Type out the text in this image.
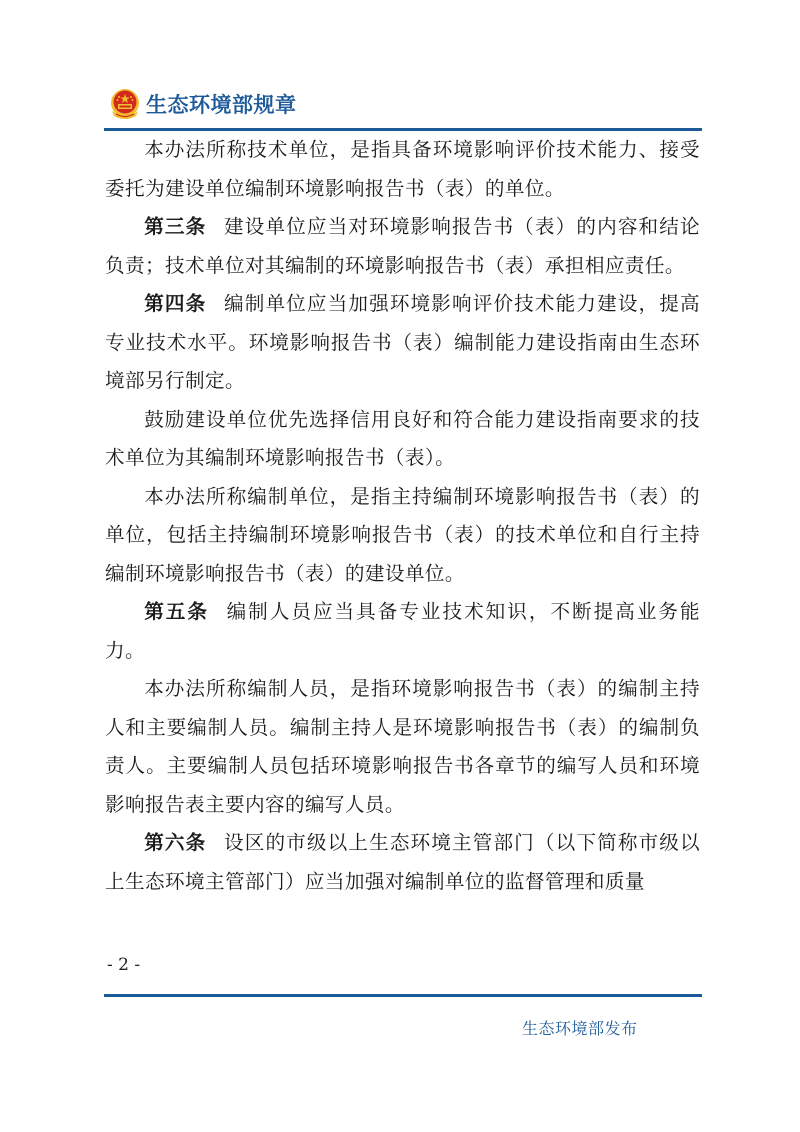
生态环境部规章

本办法所称技术单位，是指具备环境影响评价技术能力、接受委托为建设单位编制环境影响报告书（表）的单位。

第三条 建设单位应当对环境影响报告书（表）的内容和结论负责；技术单位对其编制的环境影响报告书（表）承担相应责任。

第四条 编制单位应当加强环境影响评价技术能力建设，提高专业技术水平。环境影响报告书（表）编制能力建设指南由生态环境部另行制定。

鼓励建设单位优先选择信用良好和符合能力建设指南要求的技术单位为其编制环境影响报告书（表）。

本办法所称编制单位，是指主持编制环境影响报告书（表）的单位，包括主持编制环境影响报告书（表）的技术单位和自行主持编制环境影响报告书（表）的建设单位。

第五条 编制人员应当具备专业技术知识，不断提高业务能力。

本办法所称编制人员，是指环境影响报告书（表）的编制主持人和主要编制人员。编制主持人是环境影响报告书（表）的编制负责人。主要编制人员包括环境影响报告书各章节的编写人员和环境影响报告表主要内容的编写人员。

第六条 设区的市级以上生态环境主管部门（以下简称市级以上生态环境主管部门）应当加强对编制单位的监督管理和质量

- 2 -
生态环境部发布
